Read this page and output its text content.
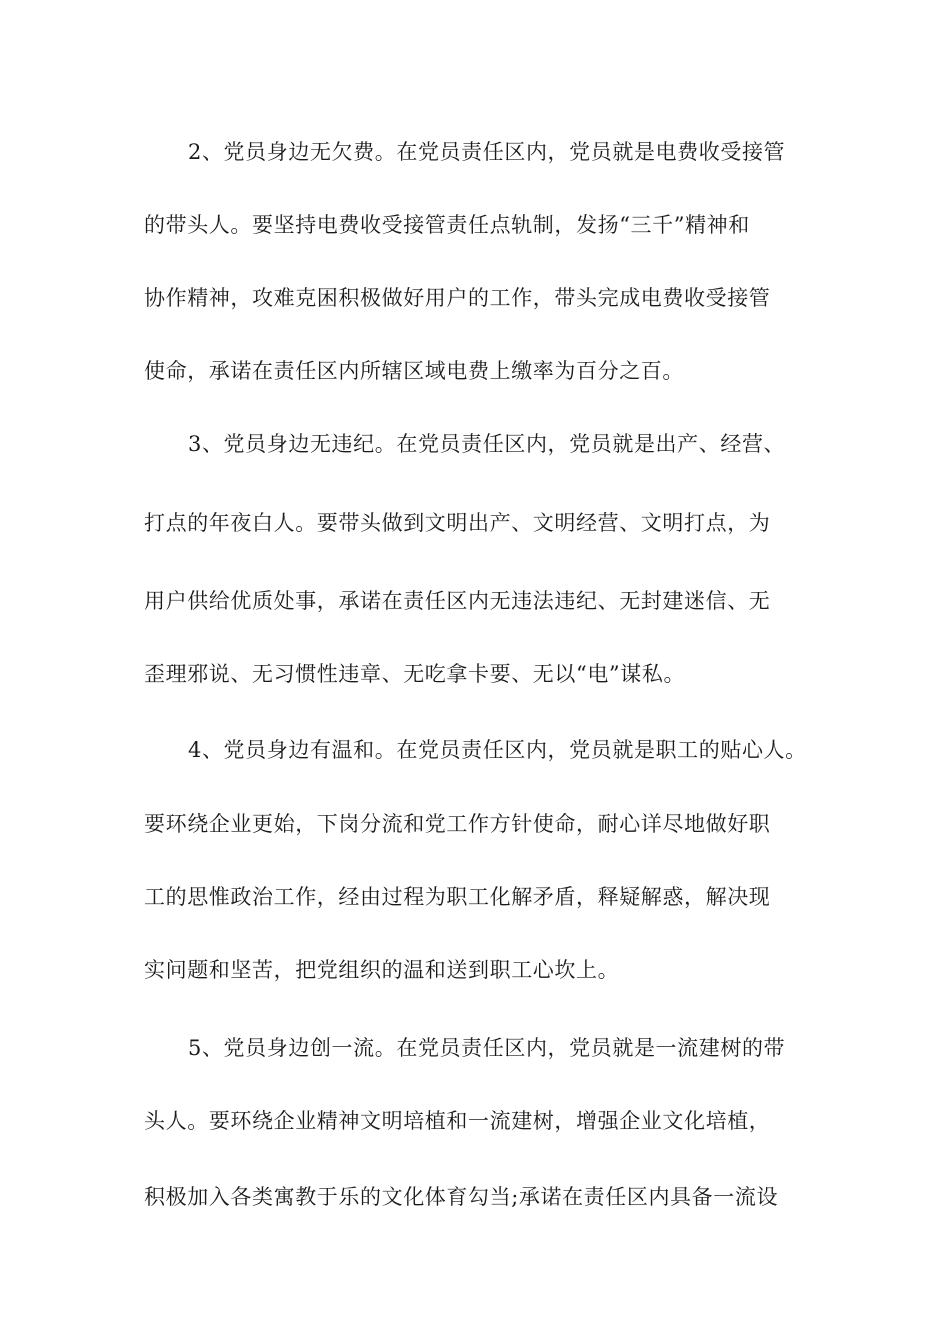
2、党员身边无欠费。在党员责任区内，党员就是电费收受接管
的带头人。要坚持电费收受接管责任点轨制，发扬“三千”精神和
协作精神，攻难克困积极做好用户的工作，带头完成电费收受接管
使命，承诺在责任区内所辖区域电费上缴率为百分之百。
3、党员身边无违纪。在党员责任区内，党员就是出产、经营、
打点的年夜白人。要带头做到文明出产、文明经营、文明打点，为
用户供给优质处事，承诺在责任区内无违法违纪、无封建迷信、无
歪理邪说、无习惯性违章、无吃拿卡要、无以“电”谋私。
4、党员身边有温和。在党员责任区内，党员就是职工的贴心人。
要环绕企业更始，下岗分流和党工作方针使命，耐心详尽地做好职
工的思惟政治工作，经由过程为职工化解矛盾，释疑解惑，解决现
实问题和坚苦，把党组织的温和送到职工心坎上。
5、党员身边创一流。在党员责任区内，党员就是一流建树的带
头人。要环绕企业精神文明培植和一流建树，增强企业文化培植，
积极加入各类寓教于乐的文化体育勾当;承诺在责任区内具备一流设
